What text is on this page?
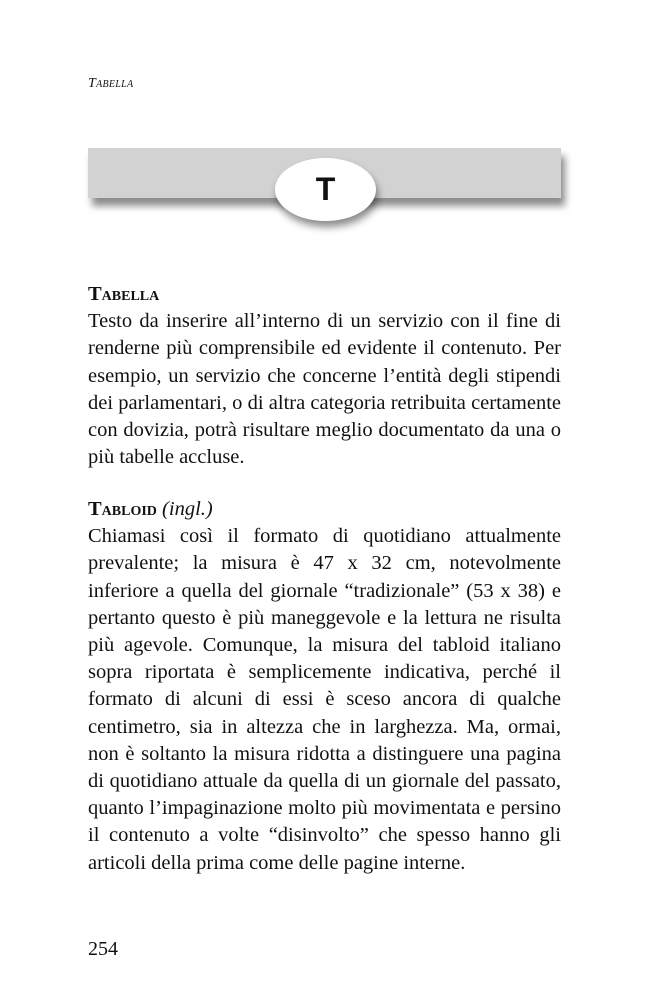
Tabella

T

Tabella

Testo da inserire all’interno di un servizio con il fine di renderne più comprensibile ed evidente il contenuto. Per esempio, un servizio che concerne l’entità degli stipendi dei parlamentari, o di altra categoria retribuita certamente con dovizia, potrà risultare meglio documentato da una o più tabelle accluse.

Tabloid (ingl.)

Chiamasi così il formato di quotidiano attualmente prevalente; la misura è 47 x 32 cm, notevolmente inferiore a quella del giornale “tradizionale” (53 x 38) e pertanto questo è più maneggevole e la lettura ne risulta più agevole. Comunque, la misura del tabloid italiano sopra riportata è semplicemente indicativa, perché il formato di alcuni di essi è sceso ancora di qualche centimetro, sia in altezza che in larghezza. Ma, ormai, non è soltanto la misura ridotta a distinguere una pagina di quotidiano attuale da quella di un giornale del passato, quanto l’impaginazione molto più movimentata e persino il contenuto a volte “disinvolto” che spesso hanno gli articoli della prima come delle pagine interne.

254
